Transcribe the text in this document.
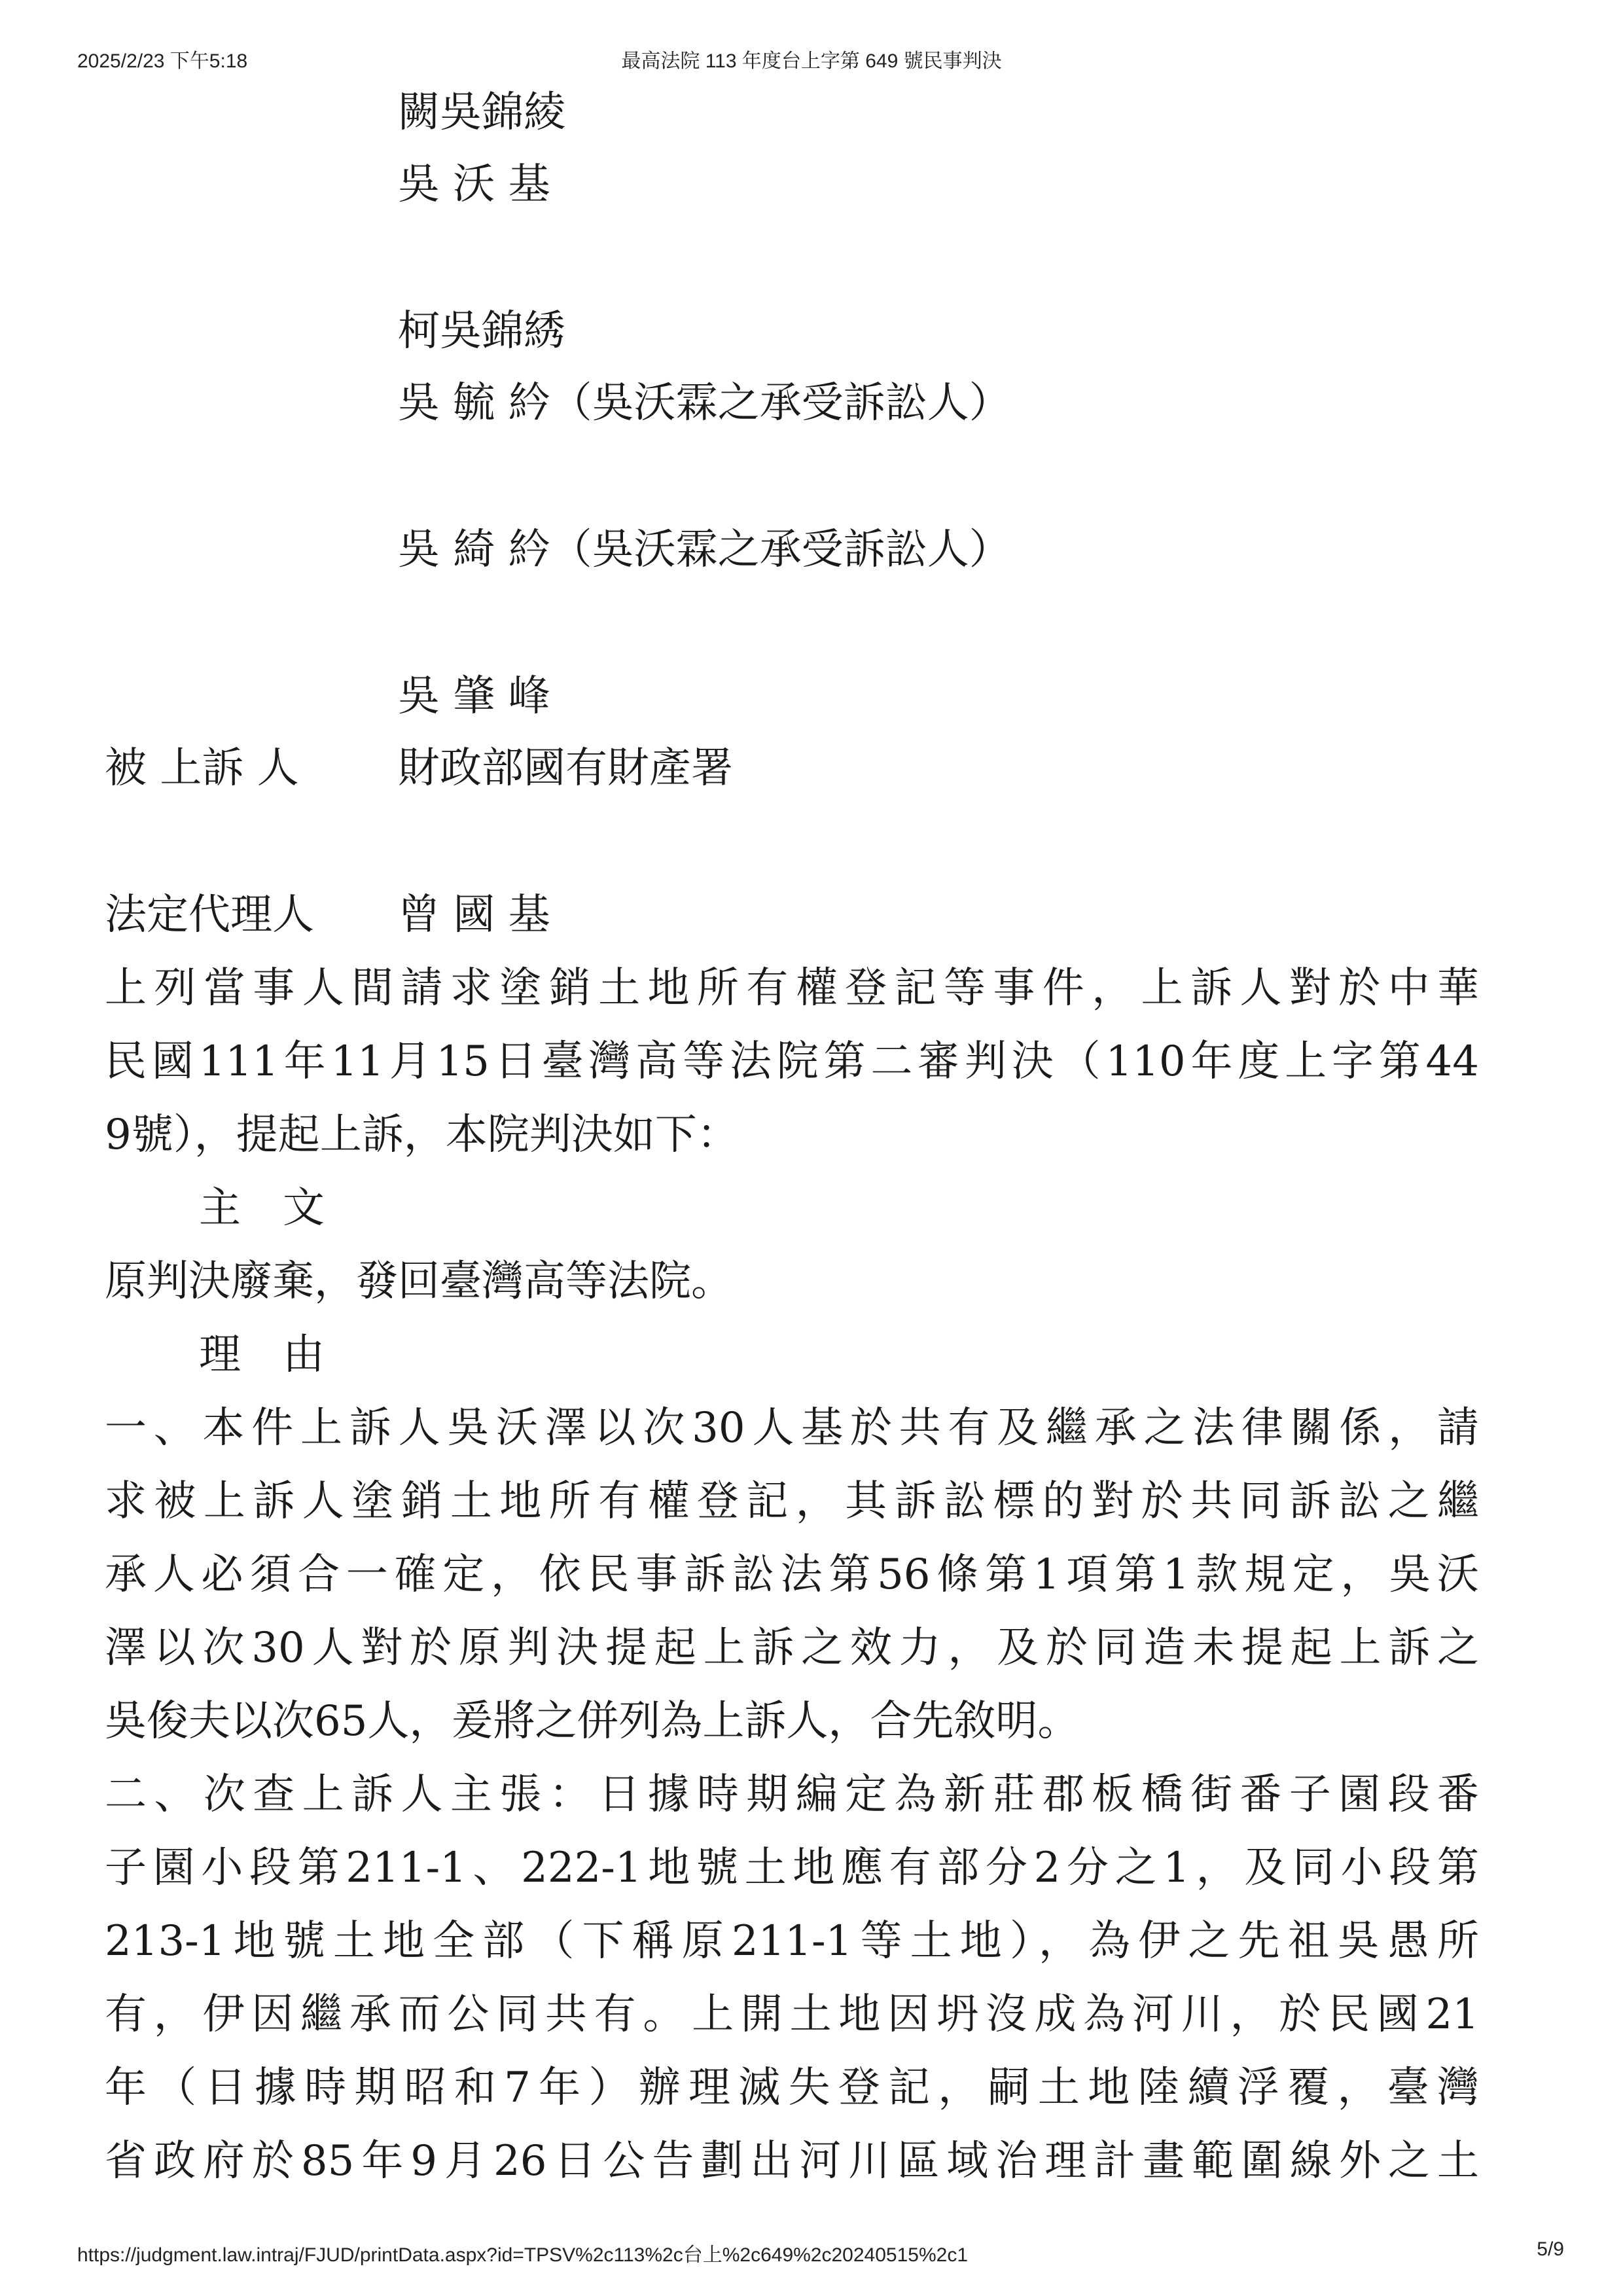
2025/2/23 下午5:18	最高法院 113 年度台上字第 649 號民事判決
闕吳錦綾
吳 沃 基
柯吳錦綉
吳 毓 紟（吳沃霖之承受訴訟人）
吳 綺 紟（吳沃霖之承受訴訟人）
吳 肇 峰
被 上訴 人 財政部國有財產署
法定代理人 曾 國 基
上列當事人間請求塗銷土地所有權登記等事件，上訴人對於中華
民國111年11月15日臺灣高等法院第二審判決（110年度上字第44
9號），提起上訴，本院判決如下：
主　文
原判決廢棄，發回臺灣高等法院。
理　由
一、本件上訴人吳沃澤以次30人基於共有及繼承之法律關係，請
求被上訴人塗銷土地所有權登記，其訴訟標的對於共同訴訟之繼
承人必須合一確定，依民事訴訟法第56條第1項第1款規定，吳沃
澤以次30人對於原判決提起上訴之效力，及於同造未提起上訴之
吳俊夫以次65人，爰將之併列為上訴人，合先敘明。
二、次查上訴人主張：日據時期編定為新莊郡板橋街番子園段番
子園小段第211-1、222-1地號土地應有部分2分之1，及同小段第
213-1地號土地全部（下稱原211-1等土地），為伊之先祖吳愚所
有，伊因繼承而公同共有。上開土地因坍沒成為河川，於民國21
年（日據時期昭和7年）辦理滅失登記，嗣土地陸續浮覆，臺灣
省政府於85年9月26日公告劃出河川區域治理計畫範圍線外之土
https://judgment.law.intraj/FJUD/printData.aspx?id=TPSV%2c113%2c台上%2c649%2c20240515%2c1	5/9
